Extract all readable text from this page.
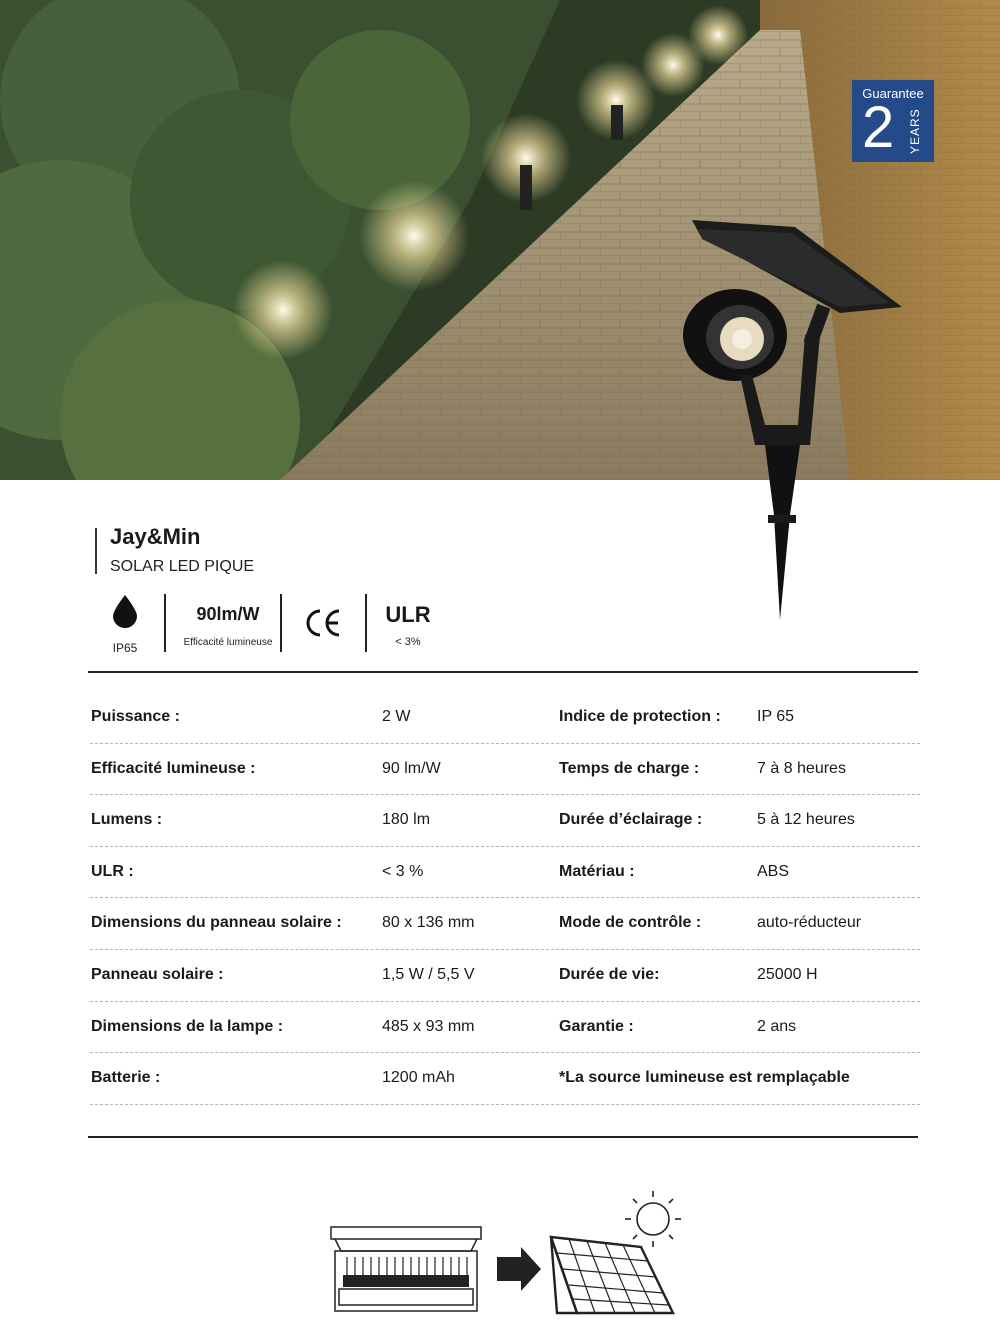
Guarantee
2 YEARS
Jay&Min
SOLAR LED PIQUE
IP65
90lm/W
Efficacité lumineuse
ULR
< 3%
Puissance :	2 W	Indice de protection : IP 65
Efficacité lumineuse :	90 lm/W	Temps de charge :	7 à 8 heures
Lumens :	180 lm	Durée d’éclairage :	5 à 12 heures
ULR :	< 3 %	Matériau :	ABS
Dimensions du panneau solaire :	80 x 136 mm	Mode de contrôle :	auto-réducteur
Panneau solaire :	1,5 W / 5,5 V	Durée de vie:	25000 H
Dimensions de la lampe :	485 x 93 mm	Garantie :	2 ans
Batterie :	1200 mAh	*La source lumineuse est remplaçable
